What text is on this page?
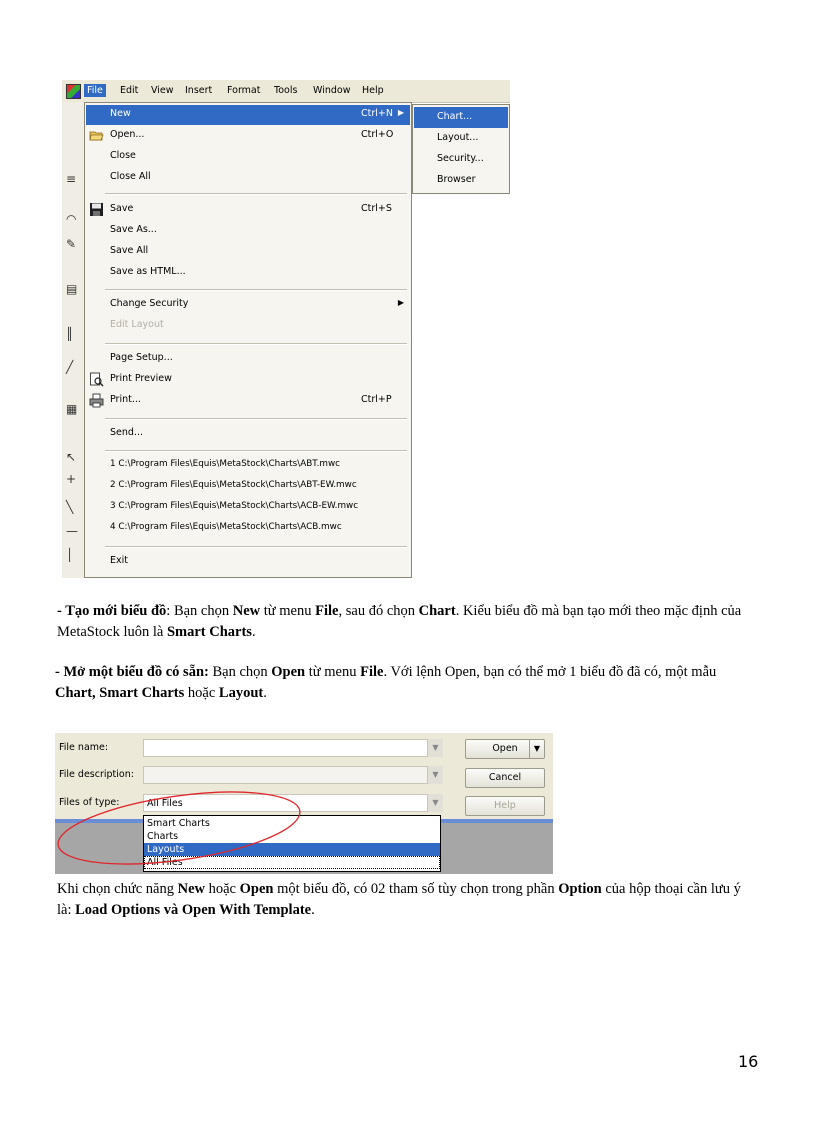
File	Edit	View	Insert	Format	Tools	Window	Help
≡
◠
✎
▤
║
╱
▦
↖
+
╲
—
│
New	Ctrl+N ▶
Open...	Ctrl+O
Close
Close All
Save	Ctrl+S
Save As...
Save All
Save as HTML...
Change Security	▶
Edit Layout
Page Setup...
Print Preview
Print...	Ctrl+P
Send...
1 C:\Program Files\Equis\MetaStock\Charts\ABT.mwc
2 C:\Program Files\Equis\MetaStock\Charts\ABT-EW.mwc
3 C:\Program Files\Equis\MetaStock\Charts\ACB-EW.mwc
4 C:\Program Files\Equis\MetaStock\Charts\ACB.mwc
Exit
Chart...
Layout...
Security...
Browser
- Tạo mới biểu đồ: Bạn chọn New từ menu File, sau đó chọn Chart. Kiểu biểu đồ mà bạn tạo mới theo mặc định của MetaStock luôn là Smart Charts.
- Mở một biểu đồ có sẵn: Bạn chọn Open từ menu File. Với lệnh Open, bạn có thể mở 1 biểu đồ đã có, một mẫu Chart, Smart Charts hoặc Layout.
File name:	▼
File description:	▼
Files of type:	All Files	▼
Open	▼
Cancel
Help
Smart Charts
Charts
Layouts
All Files
Khi chọn chức năng New hoặc Open một biểu đồ, có 02 tham số tùy chọn trong phần Option của hộp thoại cần lưu ý là: Load Options và Open With Template.
16
